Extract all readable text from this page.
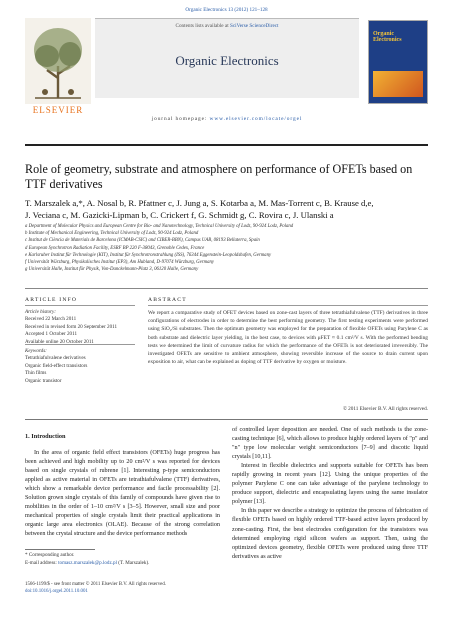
Organic Electronics 13 (2012) 121–128
ELSEVIER
Contents lists available at SciVerse ScienceDirect
Organic Electronics
journal homepage: www.elsevier.com/locate/orgel
Organic Electronics
Role of geometry, substrate and atmosphere on performance of OFETs based on TTF derivatives
T. Marszalek a,*, A. Nosal b, R. Pfattner c, J. Jung a, S. Kotarba a, M. Mas-Torrent c, B. Krause d,e,
J. Veciana c, M. Gazicki-Lipman b, C. Crickert f, G. Schmidt g, C. Rovira c, J. Ulanski a
a Department of Molecular Physics and European Centre for Bio- and Nanotechnology, Technical University of Lodz, 90-924 Lodz, Poland
b Institute of Mechanical Engineering, Technical University of Lodz, 90-924 Lodz, Poland
c Institut de Ciència de Materials de Barcelona (ICMAB-CSIC) and CIBER-BBN), Campus UAB, 08193 Bellaterra, Spain
d European Synchrotron Radiation Facility, ESRF BP 220 F-38043, Grenoble Cedex, France
e Karlsruher Institut für Technologie (KIT), Institut für Synchrotronstrahlung (ISS), 76344 Eggenstein-Leopoldshafen, Germany
f Universität Würzburg, Physikalisches Institut (EP3), Am Hubland, D-97074 Würzburg, Germany
g Universität Halle, Institut für Physik, Von-Danckelmann-Platz 3, 06120 Halle, Germany
ARTICLE INFO
Article history:
Received 22 March 2011
Received in revised form 20 September 2011
Accepted 1 October 2011
Available online 20 October 2011
Keywords:
Tetrathiafulvalene derivatives
Organic field-effect transistors
Thin films
Organic transistor
ABSTRACT
We report a comparative study of OFET devices based on zone-cast layers of three tetrathiafulvalene (TTF) derivatives in three configurations of electrodes in order to determine the best performing geometry. The first testing experiments were performed using SiO₂/Si substrates. Then the optimum geometry was employed for the preparation of flexible OFETs using Parylene C as both substrate and dielectric layer yielding, in the best case, to devices with μFET ≈ 0.1 cm²/V s. With the performed bending tests we determined the limit of curvature radius for which the performance of the OFETs is not deteriorated irreversibly. The investigated OFETs are sensitive to ambient atmosphere, showing reversible increase of the source to drain current upon exposition to air, what can be explained as doping of TTF derivative by oxygen or moisture.
© 2011 Elsevier B.V. All rights reserved.
1. Introduction
In the area of organic field effect transistors (OFETs) huge progress has been achieved and high mobility up to 20 cm²/V s was reported for devices based on single crystals of rubrene [1]. Interesting p-type semiconductors applied as active material in OFETs are tetrathiafulvalene (TTF) derivatives, which show a remarkable device performance and facile processability [2]. Solution grown single crystals of this family of compounds have given rise to mobilities in the order of 1–10 cm²/V s [3–5]. However, small size and poor mechanical properties of single crystals limit their practical applications in organic large area electronics (OLAE). Because of the strong correlation between the crystal structure and the device performance methods

of controlled layer deposition are needed. One of such methods is the zone-casting technique [6], which allows to produce highly ordered layers of "p" and "n" type low molecular weight semiconductors [7–9] and discotic liquid crystals [10,11].

Interest in flexible dielectrics and supports suitable for OFETs has been rapidly growing in recent years [12]. Using the unique properties of the polymer Parylene C one can take advantage of the parylene technology to produce support, dielectric and encapsulating layers using the same insulator polymer [13].

In this paper we describe a strategy to optimize the process of fabrication of flexible OFETs based on highly ordered TTF-based active layers produced by zone-casting. First, the best electrodes configuration for the transistors was determined employing rigid silicon wafers as support. Then, using the optimized devices geometry, flexible OFETs were produced using three TTF derivatives as active

* Corresponding author.
E-mail address: tomasz.marszalek@p.lodz.pl (T. Marszalek).
1566-1199/$ - see front matter © 2011 Elsevier B.V. All rights reserved.
doi:10.1016/j.orgel.2011.10.001
